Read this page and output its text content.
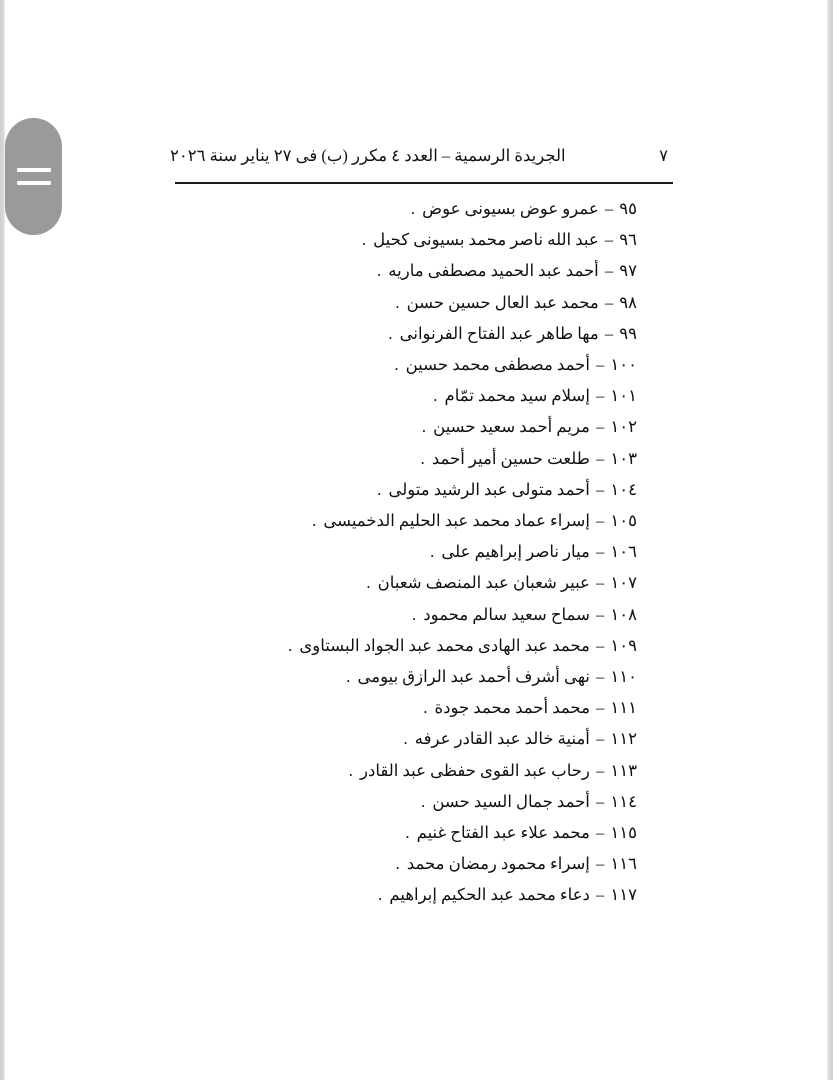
الجريدة الرسمية – العدد ٤ مكرر (ب) فى ٢٧ يناير سنة ٢٠٢٦	٧
٩٥ – عمرو عوض بسيونى عوض .
٩٦ – عبد الله ناصر محمد بسيونى كحيل .
٩٧ – أحمد عبد الحميد مصطفى ماريه .
٩٨ – محمد عبد العال حسين حسن .
٩٩ – مها طاهر عبد الفتاح الفرنوانى .
١٠٠ – أحمد مصطفى محمد حسين .
١٠١ – إسلام سيد محمد تمّام .
١٠٢ – مريم أحمد سعيد حسين .
١٠٣ – طلعت حسين أمير أحمد .
١٠٤ – أحمد متولى عبد الرشيد متولى .
١٠٥ – إسراء عماد محمد عبد الحليم الدخميسى .
١٠٦ – ميار ناصر إبراهيم على .
١٠٧ – عبير شعبان عبد المنصف شعبان .
١٠٨ – سماح سعيد سالم محمود .
١٠٩ – محمد عبد الهادى محمد عبد الجواد البستاوى .
١١٠ – نهى أشرف أحمد عبد الرازق بيومى .
١١١ – محمد أحمد محمد جودة .
١١٢ – أمنية خالد عبد القادر عرفه .
١١٣ – رحاب عبد القوى حفظى عبد القادر .
١١٤ – أحمد جمال السيد حسن .
١١٥ – محمد علاء عبد الفتاح غنيم .
١١٦ – إسراء محمود رمضان محمد .
١١٧ – دعاء محمد عبد الحكيم إبراهيم .
